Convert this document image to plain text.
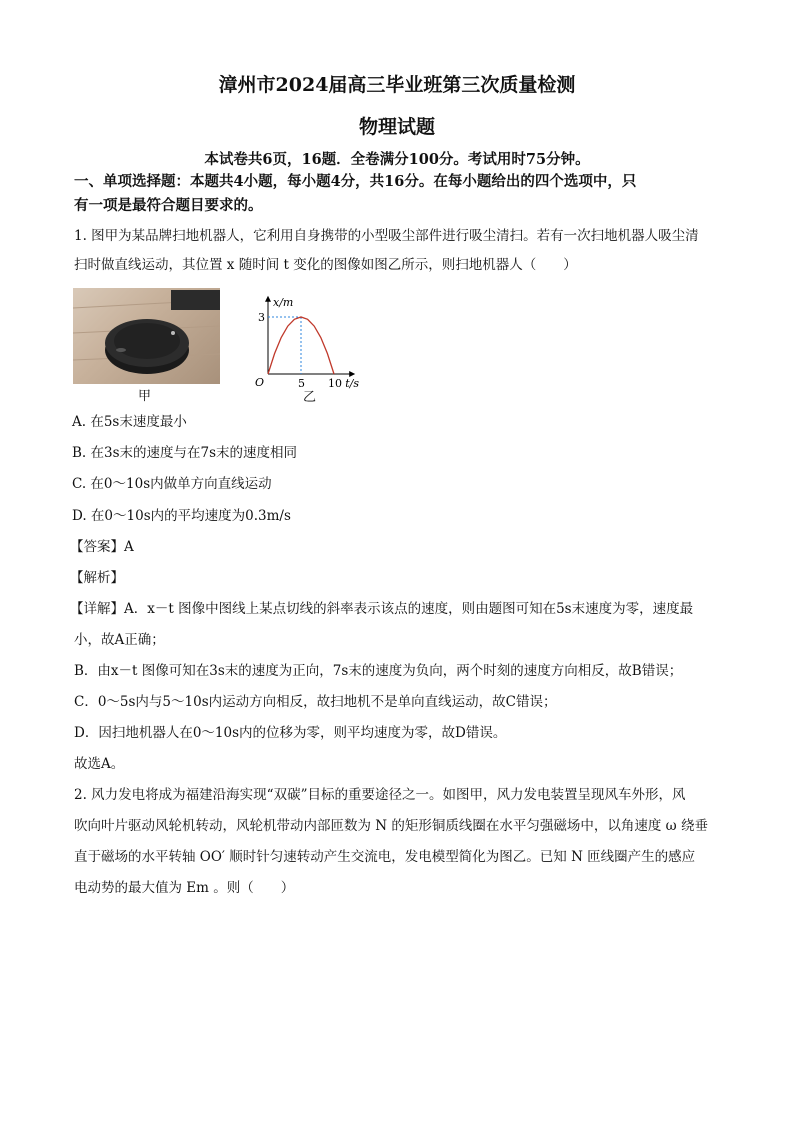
漳州市2024届高三毕业班第三次质量检测
物理试题
本试卷共6页，16题．全卷满分100分。考试用时75分钟。
一、单项选择题：本题共4小题，每小题4分，共16分。在每小题给出的四个选项中，只
有一项是最符合题目要求的。
1. 图甲为某品牌扫地机器人，它利用自身携带的小型吸尘部件进行吸尘清扫。若有一次扫地机器人吸尘清
扫时做直线运动，其位置 x 随时间 t 变化的图像如图乙所示，则扫地机器人（　　）
甲
x/m
t/s
O	5 10
3
乙
A. 在5s末速度最小
B. 在3s末的速度与在7s末的速度相同
C. 在0～10s内做单方向直线运动
D. 在0～10s内的平均速度为0.3m/s
【答案】A
【解析】
【详解】A．x－t 图像中图线上某点切线的斜率表示该点的速度，则由题图可知在5s末速度为零，速度最
小，故A正确；
B．由x－t 图像可知在3s末的速度为正向，7s末的速度为负向，两个时刻的速度方向相反，故B错误；
C．0～5s内与5～10s内运动方向相反，故扫地机不是单向直线运动，故C错误；
D．因扫地机器人在0～10s内的位移为零，则平均速度为零，故D错误。
故选A。
2. 风力发电将成为福建沿海实现“双碳”目标的重要途径之一。如图甲，风力发电装置呈现风车外形，风
吹向叶片驱动风轮机转动，风轮机带动内部匝数为 N 的矩形铜质线圈在水平匀强磁场中，以角速度 ω 绕垂
直于磁场的水平转轴 OO′ 顺时针匀速转动产生交流电，发电模型简化为图乙。已知 N 匝线圈产生的感应
电动势的最大值为 Em 。则（　　）
